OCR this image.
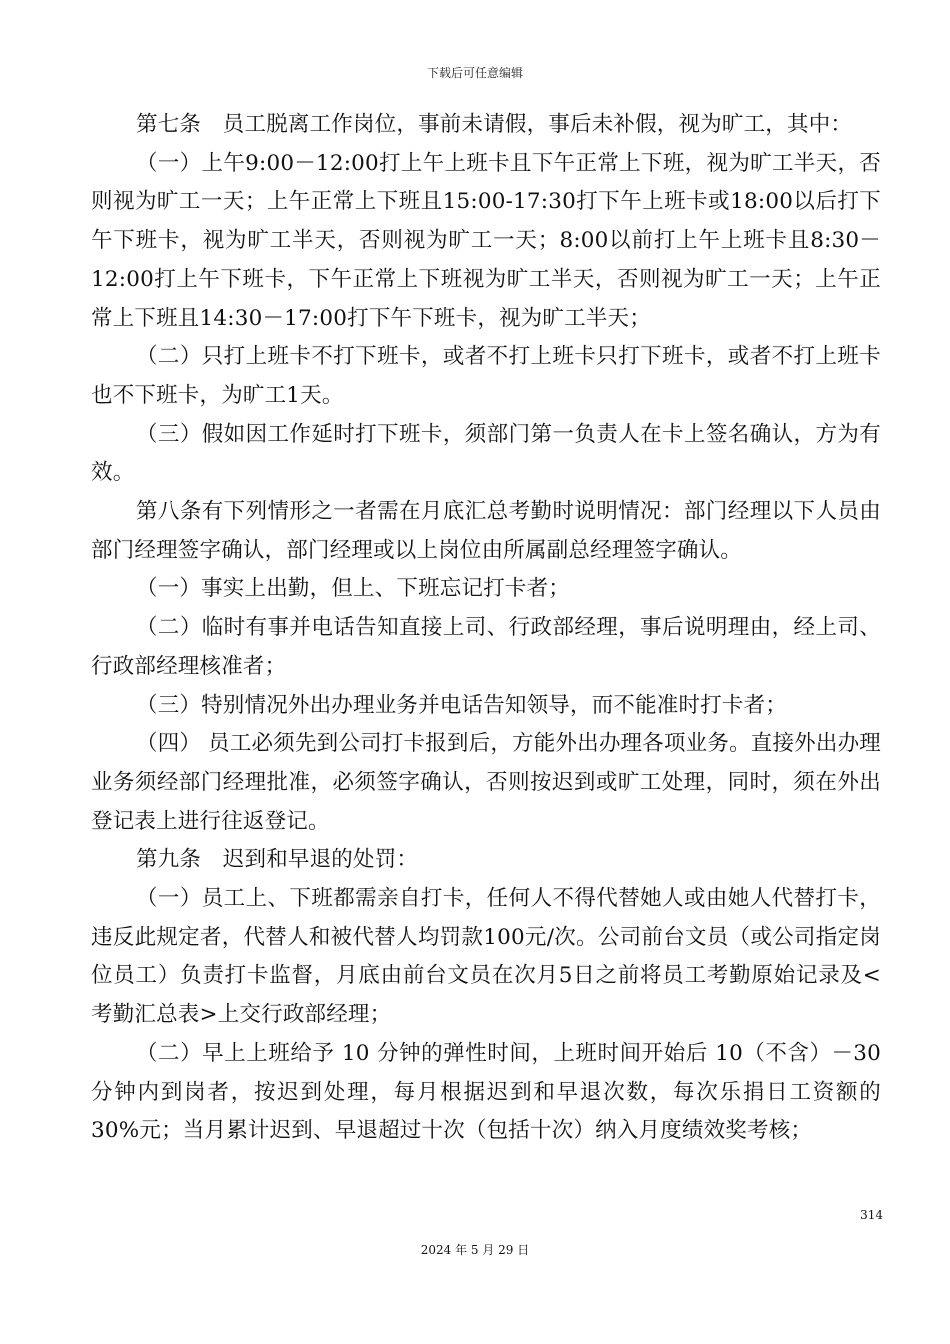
下载后可任意编辑

第七条　员工脱离工作岗位，事前未请假，事后未补假，视为旷工，其中：

（一）上午9:00－12:00打上午上班卡且下午正常上下班，视为旷工半天，否则视为旷工一天；上午正常上下班且15:00-17:30打下午上班卡或18:00以后打下午下班卡，视为旷工半天，否则视为旷工一天；8:00以前打上午上班卡且8:30－12:00打上午下班卡，下午正常上下班视为旷工半天，否则视为旷工一天；上午正常上下班且14:30－17:00打下午下班卡，视为旷工半天；

（二）只打上班卡不打下班卡，或者不打上班卡只打下班卡，或者不打上班卡也不下班卡，为旷工1天。

（三）假如因工作延时打下班卡，须部门第一负责人在卡上签名确认，方为有效。

第八条有下列情形之一者需在月底汇总考勤时说明情况：部门经理以下人员由部门经理签字确认，部门经理或以上岗位由所属副总经理签字确认。

（一）事实上出勤，但上、下班忘记打卡者；

（二）临时有事并电话告知直接上司、行政部经理，事后说明理由，经上司、行政部经理核准者；

（三）特别情况外出办理业务并电话告知领导，而不能准时打卡者；

（四） 员工必须先到公司打卡报到后，方能外出办理各项业务。直接外出办理业务须经部门经理批准，必须签字确认，否则按迟到或旷工处理，同时，须在外出登记表上进行往返登记。

第九条　迟到和早退的处罚：

（一）员工上、下班都需亲自打卡，任何人不得代替她人或由她人代替打卡，违反此规定者，代替人和被代替人均罚款100元/次。公司前台文员（或公司指定岗位员工）负责打卡监督，月底由前台文员在次月5日之前将员工考勤原始记录及<考勤汇总表>上交行政部经理；

（二）早上上班给予 10 分钟的弹性时间，上班时间开始后 10（不含）－30 分钟内到岗者，按迟到处理，每月根据迟到和早退次数，每次乐捐日工资额的 30%元；当月累计迟到、早退超过十次（包括十次）纳入月度绩效奖考核；

314
2024 年 5 月 29 日
